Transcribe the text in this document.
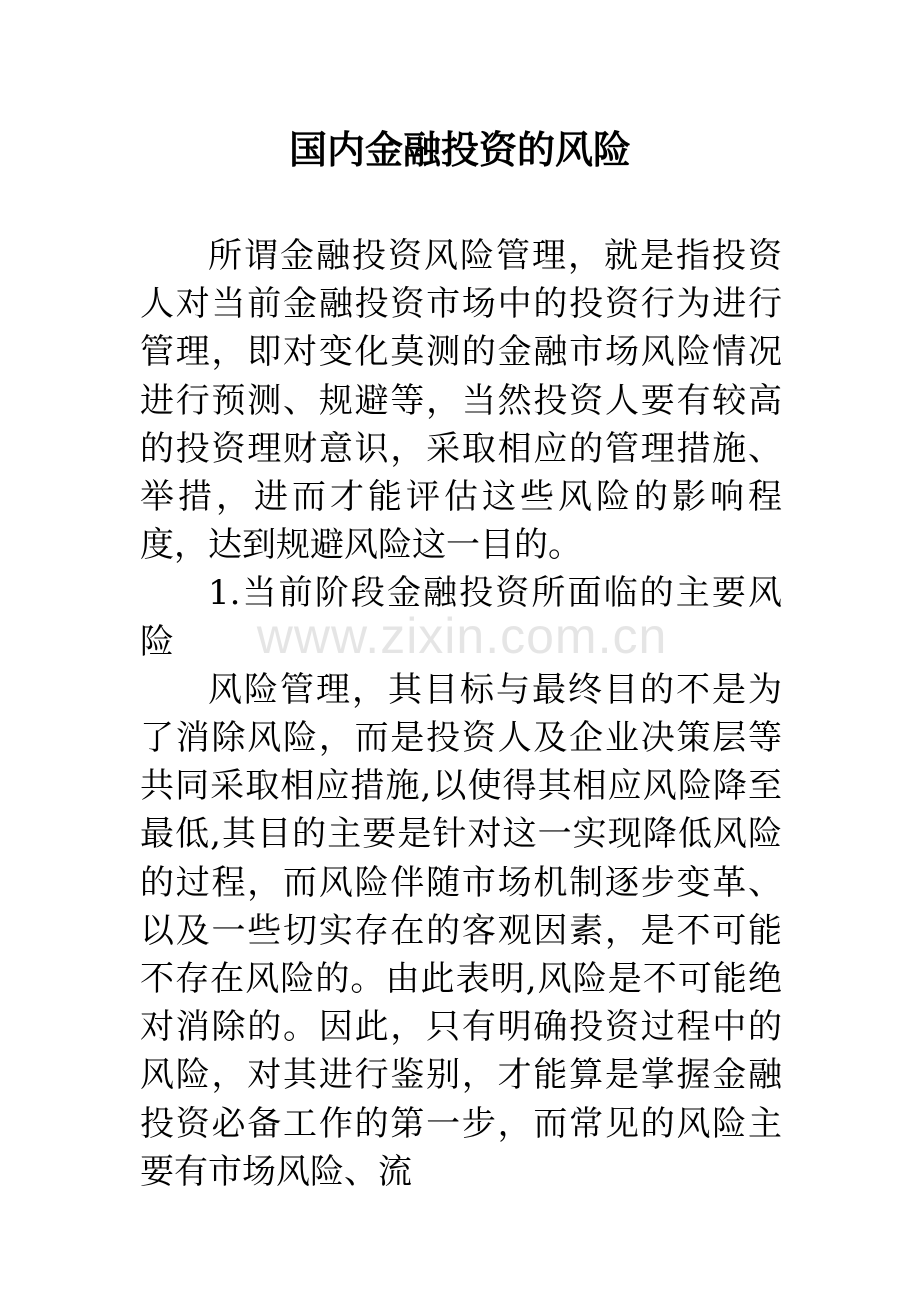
国内金融投资的风险

所谓金融投资风险管理，就是指投资人对当前金融投资市场中的投资行为进行管理，即对变化莫测的金融市场风险情况进行预测、规避等，当然投资人要有较高的投资理财意识，采取相应的管理措施、举措，进而才能评估这些风险的影响程度，达到规避风险这一目的。

1.当前阶段金融投资所面临的主要风险

风险管理，其目标与最终目的不是为了消除风险，而是投资人及企业决策层等共同采取相应措施,以使得其相应风险降至最低,其目的主要是针对这一实现降低风险的过程，而风险伴随市场机制逐步变革、以及一些切实存在的客观因素，是不可能不存在风险的。由此表明,风险是不可能绝对消除的。因此，只有明确投资过程中的风险，对其进行鉴别，才能算是掌握金融投资必备工作的第一步，而常见的风险主要有市场风险、流

www.zixin.com.cn
